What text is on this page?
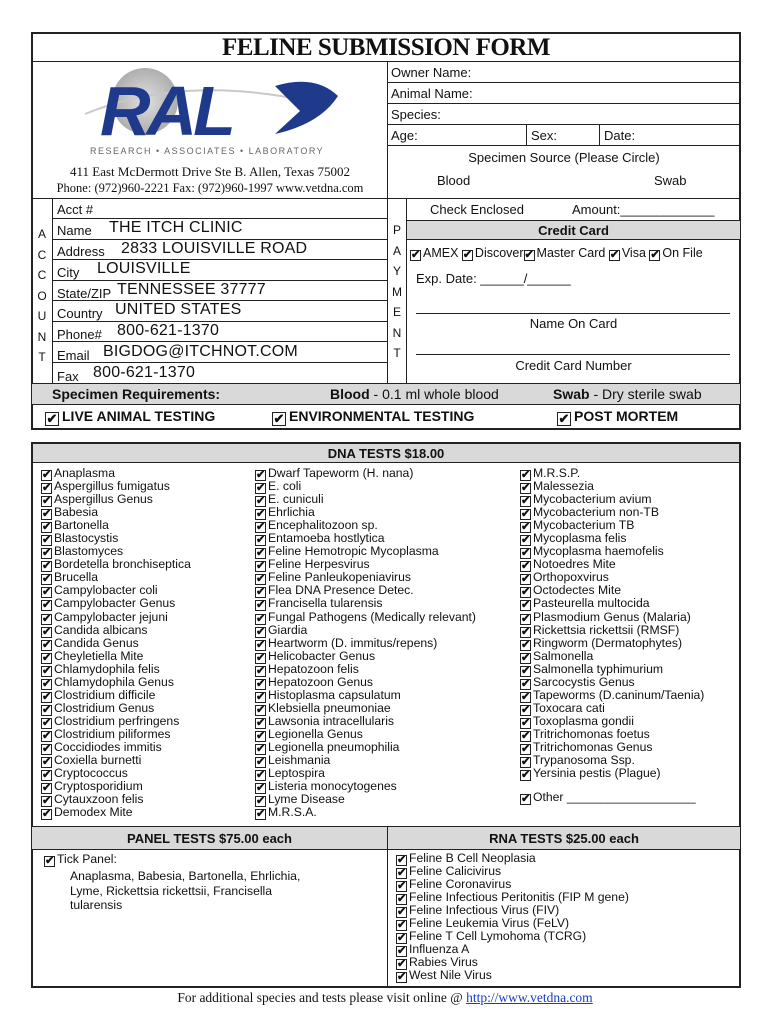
FELINE SUBMISSION FORM
RAL
RESEARCH • ASSOCIATES • LABORATORY
411 East McDermott Drive Ste B. Allen, Texas 75002
Phone: (972)960-2221 Fax: (972)960-1997 www.vetdna.com
Owner Name:
Animal Name:
Species:
Age:	Sex:	Date:
Specimen Source (Please Circle)
Blood	Swab
A
C
C
O
U
N
T
Acct #
Name THE ITCH CLINIC
Address 2833 LOUISVILLE ROAD
City LOUISVILLE
State/ZIP TENNESSEE 37777
Country UNITED STATES
Phone# 800-621-1370
Email BIGDOG@ITCHNOT.COM
Fax 800-621-1370
P
A
Y
M
E
N
T
Check Enclosed	Amount:_____________
Credit Card
✔ AMEX ✔ Discover✔ Master Card ✔ Visa ✔ On File
Exp. Date: ______/______
Name On Card
Credit Card Number
Specimen Requirements:	Blood - 0.1 ml whole blood	Swab - Dry sterile swab
✔ LIVE ANIMAL TESTING	✔ ENVIRONMENTAL TESTING	✔ POST MORTEM
DNA TESTS $18.00
✔ Anaplasma
✔ Aspergillus fumigatus
✔ Aspergillus Genus
✔ Babesia
✔ Bartonella
✔ Blastocystis
✔ Blastomyces
✔ Bordetella bronchiseptica
✔ Brucella
✔ Campylobacter coli
✔ Campylobacter Genus
✔ Campylobacter jejuni
✔ Candida albicans
✔ Candida Genus
✔ Cheyletiella Mite
✔ Chlamydophila felis
✔ Chlamydophila Genus
✔ Clostridium difficile
✔ Clostridium Genus
✔ Clostridium perfringens
✔ Clostridium piliformes
✔ Coccidiodes immitis
✔ Coxiella burnetti
✔ Cryptococcus
✔ Cryptosporidium
✔ Cytauxzoon felis
✔ Demodex Mite
✔ Dwarf Tapeworm (H. nana)
✔ E. coli
✔ E. cuniculi
✔ Ehrlichia
✔ Encephalitozoon sp.
✔ Entamoeba hostlytica
✔ Feline Hemotropic Mycoplasma
✔ Feline Herpesvirus
✔ Feline Panleukopeniavirus
✔ Flea DNA Presence Detec.
✔ Francisella tularensis
✔ Fungal Pathogens (Medically relevant)
✔ Giardia
✔ Heartworm (D. immitus/repens)
✔ Helicobacter Genus
✔ Hepatozoon felis
✔ Hepatozoon Genus
✔ Histoplasma capsulatum
✔ Klebsiella pneumoniae
✔ Lawsonia intracellularis
✔ Legionella Genus
✔ Legionella pneumophilia
✔ Leishmania
✔ Leptospira
✔ Listeria monocytogenes
✔ Lyme Disease
✔ M.R.S.A.
✔ M.R.S.P.
✔ Malessezia
✔ Mycobacterium avium
✔ Mycobacterium non-TB
✔ Mycobacterium TB
✔ Mycoplasma felis
✔ Mycoplasma haemofelis
✔ Notoedres Mite
✔ Orthopoxvirus
✔ Octodectes Mite
✔ Pasteurella multocida
✔ Plasmodium Genus (Malaria)
✔ Rickettsia rickettsii (RMSF)
✔ Ringworm (Dermatophytes)
✔ Salmonella
✔ Salmonella typhimurium
✔ Sarcocystis Genus
✔ Tapeworms (D.caninum/Taenia)
✔ Toxocara cati
✔ Toxoplasma gondii
✔ Tritrichomonas foetus
✔ Tritrichomonas Genus
✔ Trypanosoma Ssp.
✔ Yersinia pestis (Plague)
✔ Other ___________________
PANEL TESTS $75.00 each	RNA TESTS $25.00 each
✔ Tick Panel:
Anaplasma, Babesia, Bartonella, Ehrlichia,
Lyme, Rickettsia rickettsii, Francisella
tularensis
✔ Feline B Cell Neoplasia
✔ Feline Calicivirus
✔ Feline Coronavirus
✔ Feline Infectious Peritonitis (FIP M gene)
✔ Feline Infectious Virus (FIV)
✔ Feline Leukemia Virus (FeLV)
✔ Feline T Cell Lymohoma (TCRG)
✔ Influenza A
✔ Rabies Virus
✔ West Nile Virus
For additional species and tests please visit online @ http://www.vetdna.com
